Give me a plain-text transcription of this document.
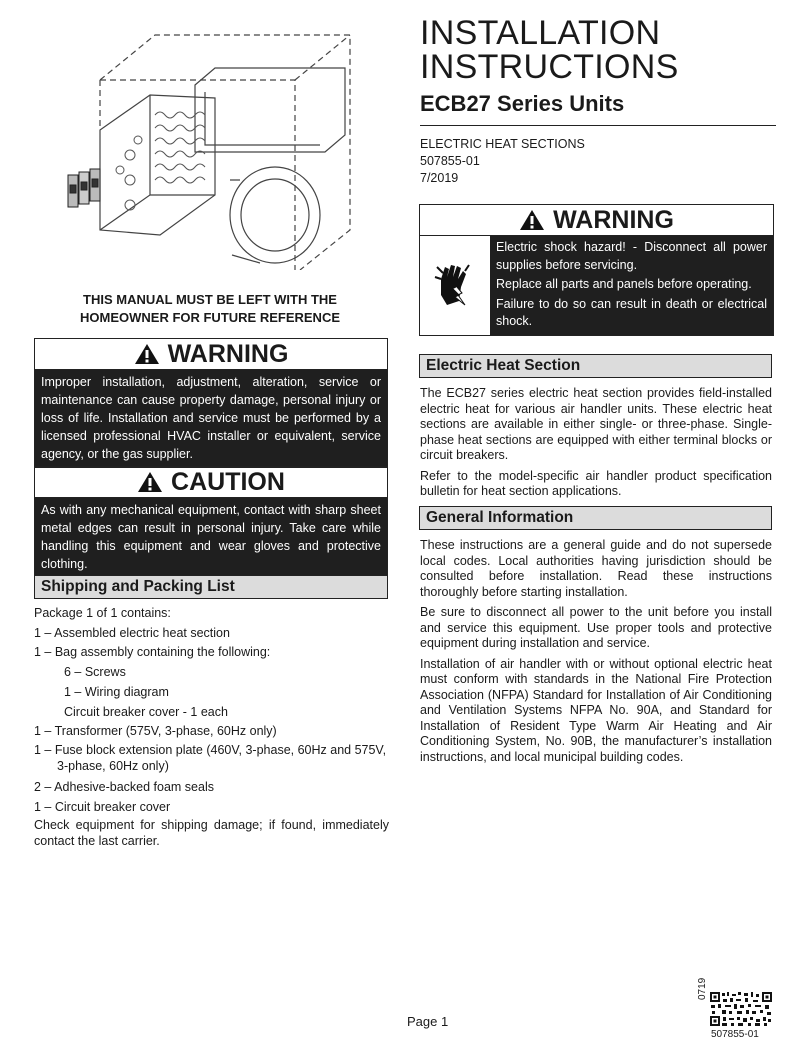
INSTALLATION
INSTRUCTIONS
ECB27 Series Units
ELECTRIC HEAT SECTIONS
507855-01
7/2019
THIS MANUAL MUST BE LEFT WITH THE
HOMEOWNER FOR FUTURE REFERENCE
WARNING

Improper installation, adjustment, alteration, service or maintenance can cause property damage, personal injury or loss of life. Installation and service must be performed by a licensed professional HVAC installer or equivalent, service agency, or the gas supplier.

CAUTION

As with any mechanical equipment, contact with sharp sheet metal edges can result in personal injury. Take care while handling this equipment and wear gloves and protective clothing.

Shipping and Packing List
Package 1 of 1 contains:
1 – Assembled electric heat section
1 – Bag assembly containing the following:
6 – Screws
1 – Wiring diagram
Circuit breaker cover - 1 each
1 – Transformer (575V, 3-phase, 60Hz only)
1 – Fuse block extension plate (460V, 3-phase, 60Hz and 575V, 3-phase, 60Hz only)
2 – Adhesive-backed foam seals
1 – Circuit breaker cover
Check equipment for shipping damage; if found, immediately contact the last carrier.
WARNING

Electric shock hazard! - Disconnect all power supplies before servicing.

Replace all parts and panels before operating.

Failure to do so can result in death or electrical shock.

Electric Heat Section

The ECB27 series electric heat section provides field-installed electric heat for various air handler units. These electric heat sections are available in either single- or three-phase. Single-phase heat sections are equipped with either terminal blocks or circuit breakers.

Refer to the model-specific air handler product specification bulletin for heat section applications.

General Information

These instructions are a general guide and do not supersede local codes. Local authorities having jurisdiction should be consulted before installation. Read these instructions thoroughly before starting installation.

Be sure to disconnect all power to the unit before you install and service this equipment. Use proper tools and protective equipment during installation and service.

Installation of air handler with or without optional electric heat must conform with standards in the National Fire Protection Association (NFPA) Standard for Installation of Air Conditioning and Ventilation Systems NFPA No. 90A, and Standard for Installation of Resident Type Warm Air Heating and Air Conditioning System, No. 90B, the manufacturer’s installation instructions, and local municipal building codes.

Page 1
0719
507855-01
